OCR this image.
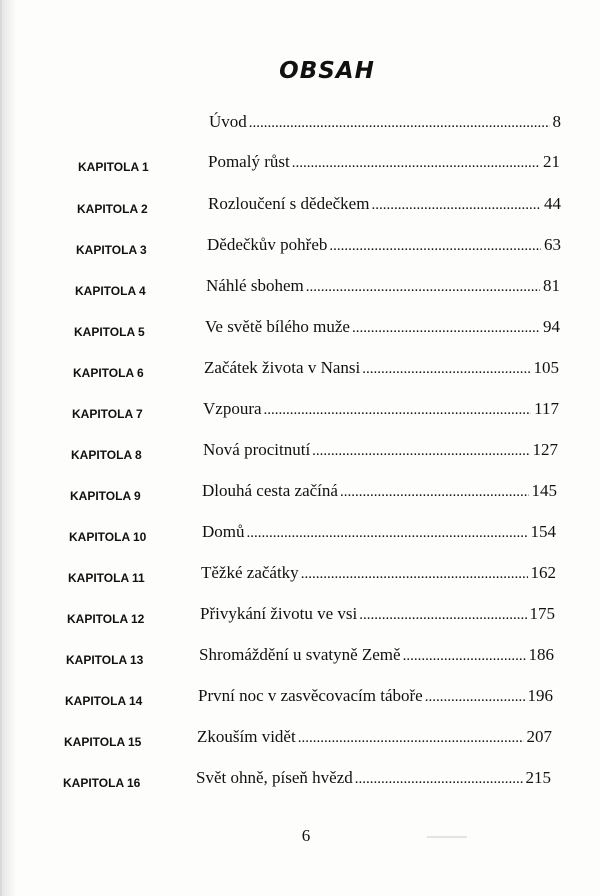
OBSAH
Úvod .....	8
KAPITOLA 1	Pomalý růst .....	21
KAPITOLA 2	Rozloučení s dědečkem .....	44
KAPITOLA 3	Dědečkův pohřeb .....	63
KAPITOLA 4	Náhlé sbohem .....	81
KAPITOLA 5	Ve světě bílého muže .....	94
KAPITOLA 6	Začátek života v Nansi .....	105
KAPITOLA 7	Vzpoura .....	117
KAPITOLA 8	Nová procitnutí .....	127
KAPITOLA 9	Dlouhá cesta začíná .....	145
KAPITOLA 10	Domů .....	154
KAPITOLA 11	Těžké začátky .....	162
KAPITOLA 12	Přivykání životu ve vsi .....	175
KAPITOLA 13	Shromáždění u svatyně Země .....	186
KAPITOLA 14	První noc v zasvěcovacím táboře .....	196
KAPITOLA 15	Zkouším vidět .....	207
KAPITOLA 16	Svět ohně, píseň hvězd .....	215
6
